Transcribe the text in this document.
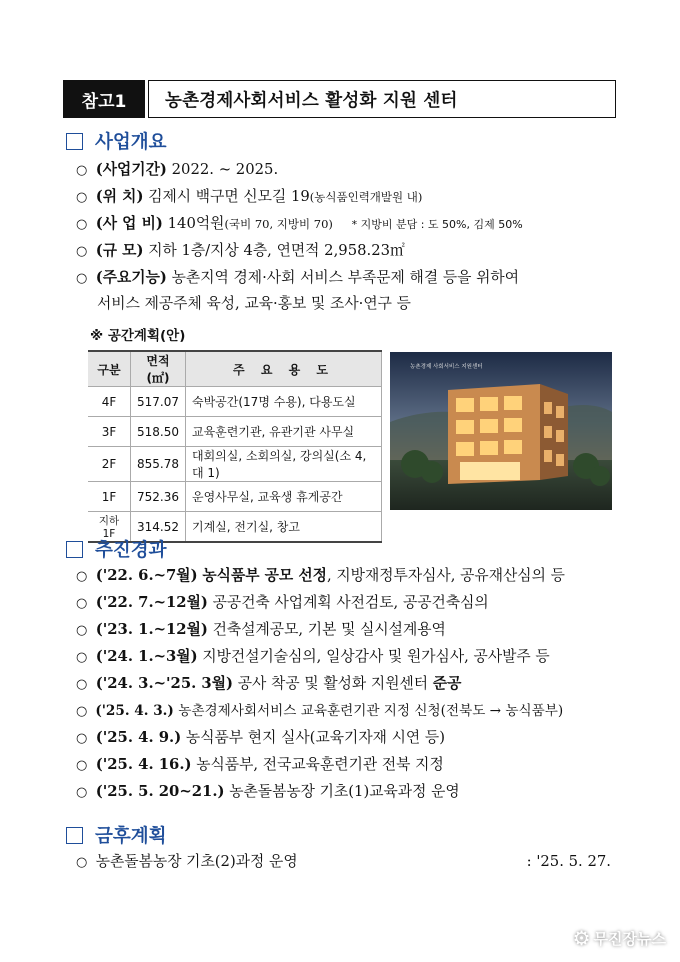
참고1	농촌경제사회서비스 활성화 지원 센터
사업개요
○ (사업기간) 2022. ~ 2025.
○ (위 치) 김제시 백구면 신모길 19(농식품인력개발원 내)
○ (사 업 비) 140억원(국비 70, 지방비 70) * 지방비 분담 : 도 50%, 김제 50%
○ (규 모) 지하 1층/지상 4층, 연면적 2,958.23㎡
○ (주요기능) 농촌지역 경제·사회 서비스 부족문제 해결 등을 위하여
서비스 제공주체 육성, 교육·홍보 및 조사·연구 등
※ 공간계획(안)
구분	면적(㎡)	주 요 용 도
4F	517.07	숙박공간(17명 수용), 다용도실
3F	518.50	교육훈련기관, 유관기관 사무실
2F	855.78	대회의실, 소회의실, 강의실(소 4, 대 1)
1F	752.36	운영사무실, 교육생 휴게공간
지하1F	314.52	기계실, 전기실, 창고
농촌경제 사회서비스 지원센터
추진경과
○ ('22. 6.~7월) 농식품부 공모 선정, 지방재정투자심사, 공유재산심의 등
○ ('22. 7.~12월) 공공건축 사업계획 사전검토, 공공건축심의
○ ('23. 1.~12월) 건축설계공모, 기본 및 실시설계용역
○ ('24. 1.~3월) 지방건설기술심의, 일상감사 및 원가심사, 공사발주 등
○ ('24. 3.~'25. 3월) 공사 착공 및 활성화 지원센터 준공
○ ('25. 4. 3.) 농촌경제사회서비스 교육훈련기관 지정 신청(전북도 → 농식품부)
○ ('25. 4. 9.) 농식품부 현지 실사(교육기자재 시연 등)
○ ('25. 4. 16.) 농식품부, 전국교육훈련기관 전북 지정
○ ('25. 5. 20~21.) 농촌돌봄농장 기초(1)교육과정 운영
금후계획
○ 농촌돌봄농장 기초(2)과정 운영	: '25. 5. 27.
⚙ 무진장뉴스
